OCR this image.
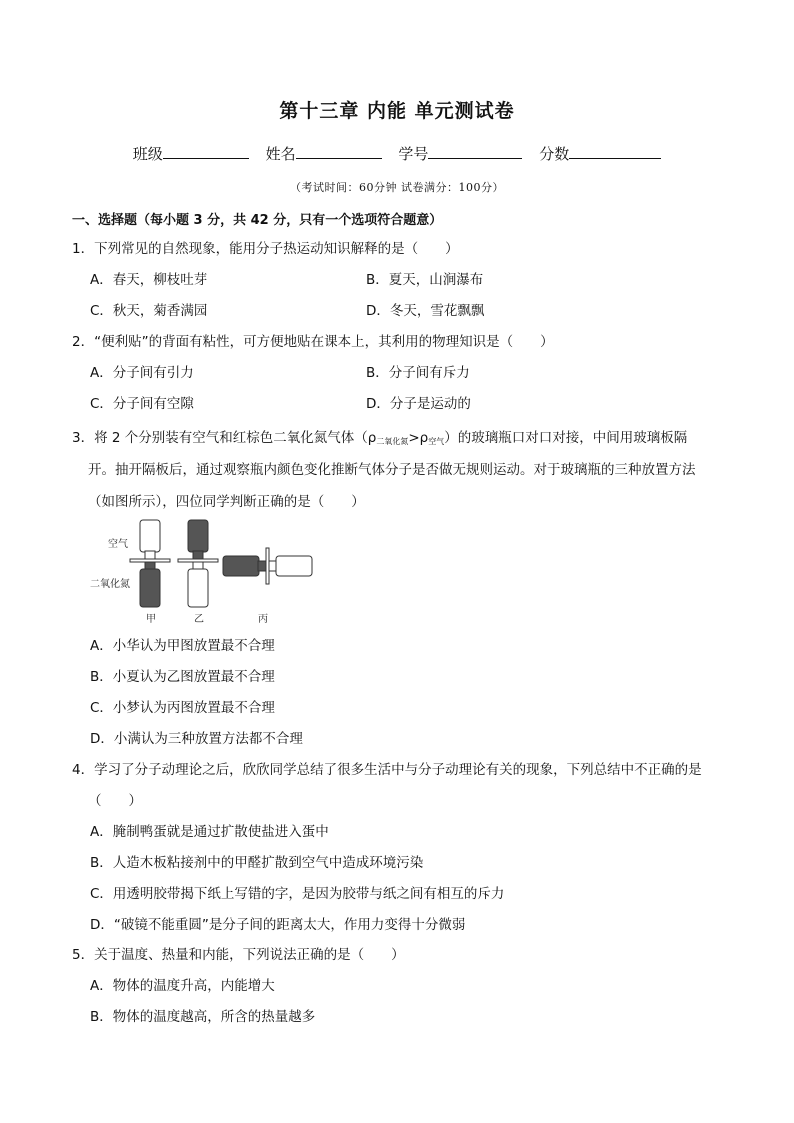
第十三章 内能 单元测试卷
班级	姓名	学号	分数
（考试时间：60分钟 试卷满分：100分）
一、选择题（每小题 3 分，共 42 分，只有一个选项符合题意）
1．下列常见的自然现象，能用分子热运动知识解释的是（　　）
A．春天，柳枝吐芽	B．夏天，山涧瀑布
C．秋天，菊香满园	D．冬天，雪花飘飘
2．“便利贴”的背面有粘性，可方便地贴在课本上，其利用的物理知识是（　　）
A．分子间有引力	B．分子间有斥力
C．分子间有空隙	D．分子是运动的
3．将 2 个分别装有空气和红棕色二氧化氮气体$(\rho_{二氧化氮}>\rho_{空气})$的玻璃瓶口对口对接，中间用玻璃板隔
开。抽开隔板后，通过观察瓶内颜色变化推断气体分子是否做无规则运动。对于玻璃瓶的三种放置方法
（如图所示），四位同学判断正确的是（　　）
空气
二氧化氮
甲	乙	丙
A．小华认为甲图放置最不合理
B．小夏认为乙图放置最不合理
C．小梦认为丙图放置最不合理
D．小满认为三种放置方法都不合理
4．学习了分子动理论之后，欣欣同学总结了很多生活中与分子动理论有关的现象，下列总结中不正确的是
（　　）
A．腌制鸭蛋就是通过扩散使盐进入蛋中
B．人造木板粘接剂中的甲醛扩散到空气中造成环境污染
C．用透明胶带揭下纸上写错的字，是因为胶带与纸之间有相互的斥力
D．“破镜不能重圆”是分子间的距离太大，作用力变得十分微弱
5．关于温度、热量和内能，下列说法正确的是（　　）
A．物体的温度升高，内能增大
B．物体的温度越高，所含的热量越多
